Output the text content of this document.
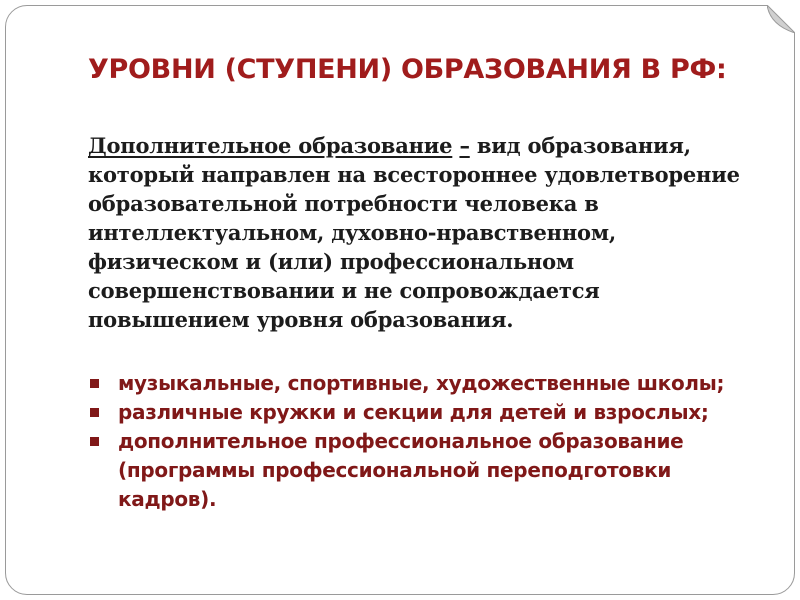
УРОВНИ (СТУПЕНИ) ОБРАЗОВАНИЯ В РФ:

Дополнительное образование – вид образования, который направлен на всестороннее удовлетворение образовательной потребности человека в интеллектуальном, духовно-нравственном, физическом и (или) профессиональном совершенствовании и не сопровождается повышением уровня образования.

музыкальные, спортивные, художественные школы;
различные кружки и секции для детей и взрослых;
дополнительное профессиональное образование (программы профессиональной переподготовки кадров).
